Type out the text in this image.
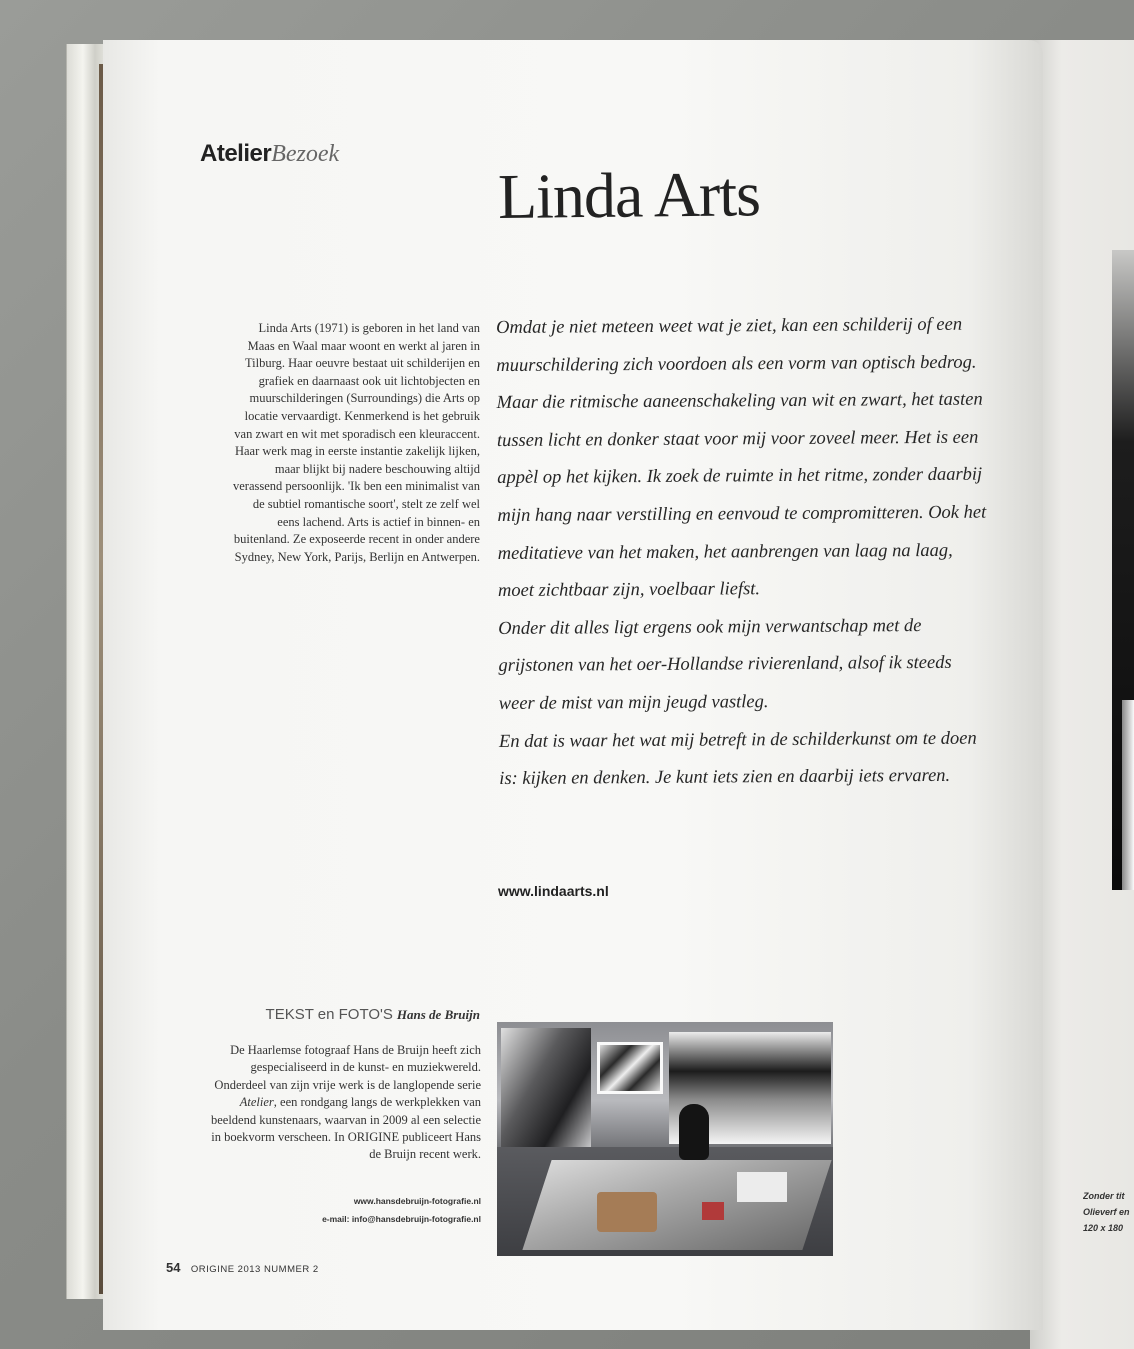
Zonder tit
Olieverf en
120 x 180
AtelierBezoek
Linda Arts
Linda Arts (1971) is geboren in het land van Maas en Waal maar woont en werkt al jaren in Tilburg. Haar oeuvre bestaat uit schilderijen en grafiek en daarnaast ook uit lichtobjecten en muurschilderingen (Surroundings) die Arts op locatie vervaardigt. Kenmerkend is het gebruik van zwart en wit met sporadisch een kleuraccent. Haar werk mag in eerste instantie zakelijk lijken, maar blijkt bij nadere beschouwing altijd verassend persoonlijk. 'Ik ben een minimalist van de subtiel romantische soort', stelt ze zelf wel eens lachend. Arts is actief in binnen- en buitenland. Ze exposeerde recent in onder andere Sydney, New York, Parijs, Berlijn en Antwerpen.

Omdat je niet meteen weet wat je ziet, kan een schilderij of een muurschildering zich voordoen als een vorm van optisch bedrog. Maar die ritmische aaneenschakeling van wit en zwart, het tasten tussen licht en donker staat voor mij voor zoveel meer. Het is een appèl op het kijken. Ik zoek de ruimte in het ritme, zonder daarbij mijn hang naar verstilling en eenvoud te compromitteren. Ook het meditatieve van het maken, het aanbrengen van laag na laag, moet zichtbaar zijn, voelbaar liefst.

Onder dit alles ligt ergens ook mijn verwantschap met de grijstonen van het oer-Hollandse rivierenland, alsof ik steeds weer de mist van mijn jeugd vastleg.

En dat is waar het wat mij betreft in de schilderkunst om te doen is: kijken en denken. Je kunt iets zien en daarbij iets ervaren.

www.lindaarts.nl
TEKST en FOTO'S Hans de Bruijn
De Haarlemse fotograaf Hans de Bruijn heeft zich gespecialiseerd in de kunst- en muziekwereld. Onderdeel van zijn vrije werk is de langlopende serie Atelier, een rondgang langs de werkplekken van beeldend kunstenaars, waarvan in 2009 al een selectie in boekvorm verscheen. In ORIGINE publiceert Hans de Bruijn recent werk.
www.hansdebruijn-fotografie.nl
e-mail: info@hansdebruijn-fotografie.nl
54 ORIGINE 2013 NUMMER 2
